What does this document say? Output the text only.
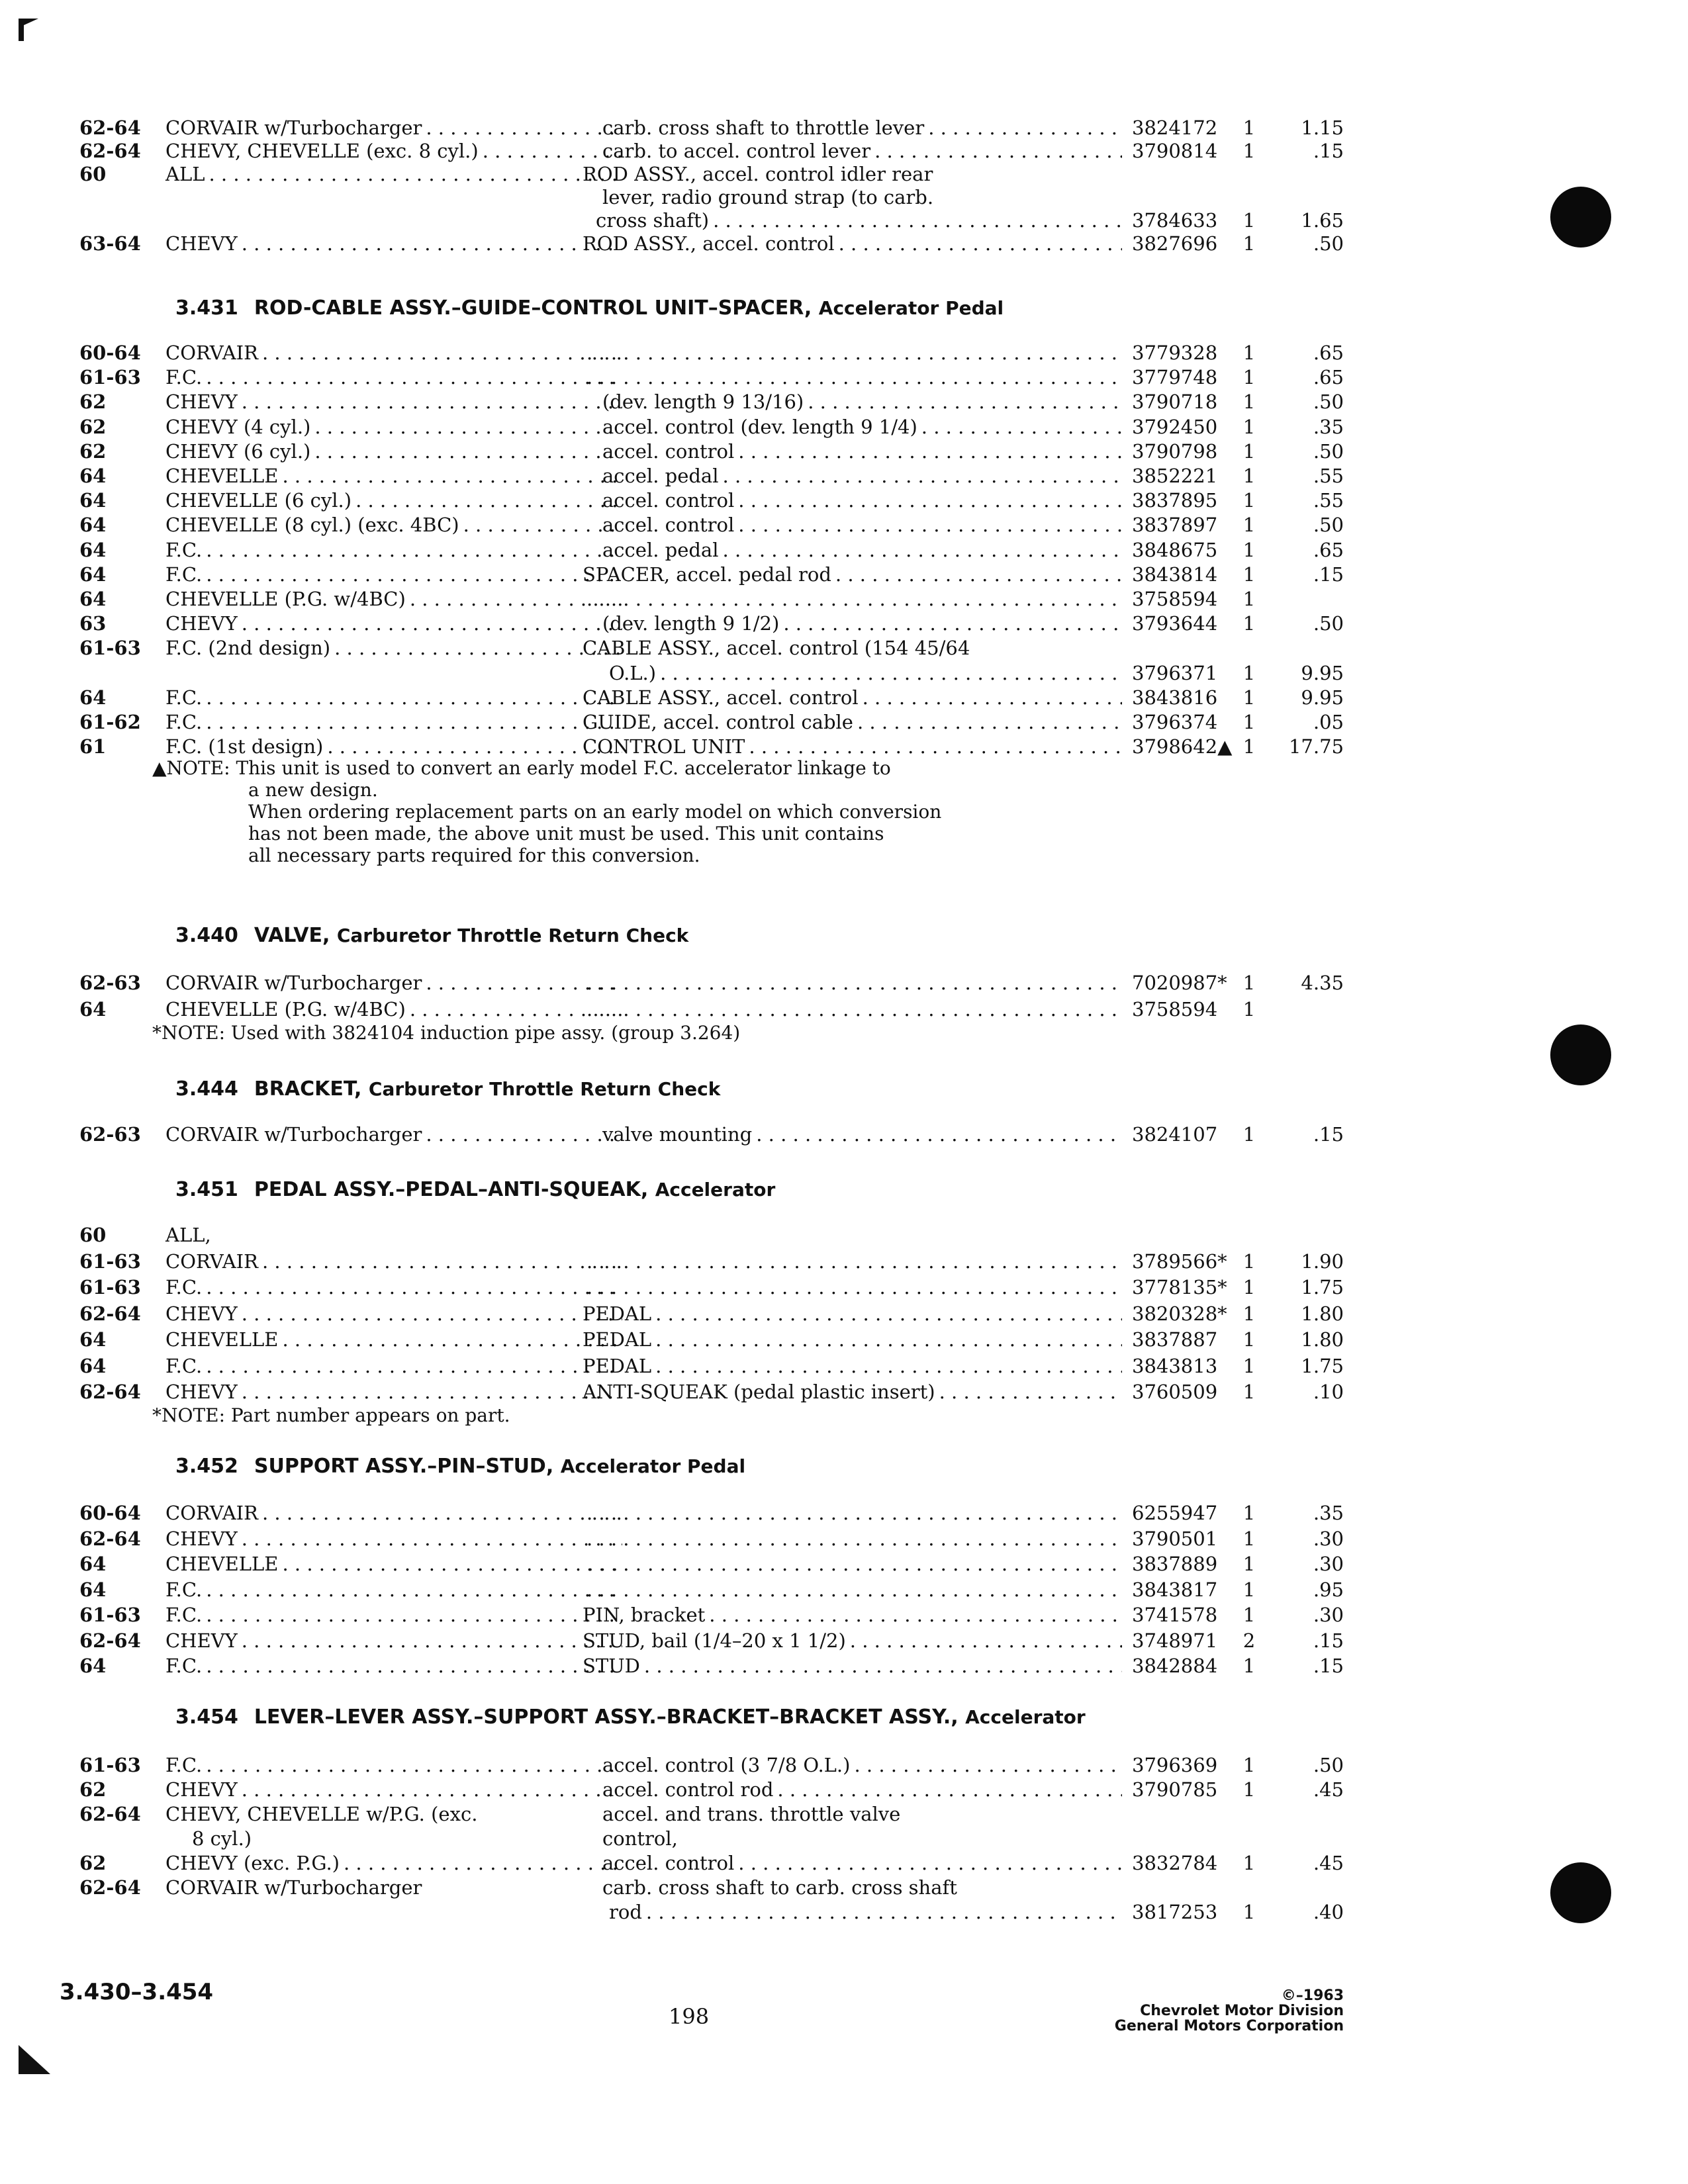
62-64 CORVAIR w/Turbocharger . . .	carb. cross shaft to throttle lever . . .	3824172	1	1.15
62-64 CHEVY, CHEVELLE (exc. 8 cyl.) . . .	carb. to accel. control lever . . .	3790814	1	.15
60	ALL . . .	ROD ASSY., accel. control idler rear
lever, radio ground strap (to carb.
cross shaft) . . .	3784633	1	1.65
63-64 CHEVY . . .	ROD ASSY., accel. control . . .	3827696	1	.50
3.431 ROD-CABLE ASSY.–GUIDE–CONTROL UNIT–SPACER, Accelerator Pedal
60-64 CORVAIR . . . . . .	3779328	1	.65
61-63 F.C. . . . . . .	3779748	1	.65
62	CHEVY . . .	(dev. length 9 13/16) . . .	3790718	1	.50
62	CHEVY (4 cyl.) . . .	accel. control (dev. length 9 1/4) . . .	3792450	1	.35
62	CHEVY (6 cyl.) . . .	accel. control . . .	3790798	1	.50
64	CHEVELLE . . .	accel. pedal . . .	3852221	1	.55
64	CHEVELLE (6 cyl.) . . .	accel. control . . .	3837895	1	.55
64	CHEVELLE (8 cyl.) (exc. 4BC) . . .	accel. control . . .	3837897	1	.50
64	F.C. . . .	accel. pedal . . .	3848675	1	.65
64	F.C. . . .	SPACER, accel. pedal rod . . .	3843814	1	.15
64	CHEVELLE (P.G. w/4BC) . . . . . .	3758594	1
63	CHEVY . . .	(dev. length 9 1/2) . . .	3793644	1	.50
61-63 F.C. (2nd design) . . .	CABLE ASSY., accel. control (154 45/64
O.L.) . . .	3796371	1	9.95
64	F.C. . . .	CABLE ASSY., accel. control . . .	3843816	1	9.95
61-62 F.C. . . .	GUIDE, accel. control cable . . .	3796374	1	.05
61	F.C. (1st design) . . .	CONTROL UNIT . . .	3798642▲ 1	17.75
▲NOTE: This unit is used to convert an early model F.C. accelerator linkage to
a new design.
When ordering replacement parts on an early model on which conversion
has not been made, the above unit must be used. This unit contains
all necessary parts required for this conversion.
3.440 VALVE, Carburetor Throttle Return Check
62-63 CORVAIR w/Turbocharger . . . . . .	7020987* 1	4.35
64	CHEVELLE (P.G. w/4BC) . . . . . .	3758594	1
*NOTE: Used with 3824104 induction pipe assy. (group 3.264)
3.444 BRACKET, Carburetor Throttle Return Check
62-63 CORVAIR w/Turbocharger . . .	valve mounting . . .	3824107	1	.15
3.451 PEDAL ASSY.–PEDAL–ANTI-SQUEAK, Accelerator
60	ALL,
61-63 CORVAIR . . . . . .	3789566* 1	1.90
61-63 F.C. . . . . . .	3778135* 1	1.75
62-64 CHEVY . . .	PEDAL . . .	3820328* 1	1.80
64	CHEVELLE . . .	PEDAL . . .	3837887	1	1.80
64	F.C. . . .	PEDAL . . .	3843813	1	1.75
62-64 CHEVY . . .	ANTI-SQUEAK (pedal plastic insert) . . .	3760509	1	.10
*NOTE: Part number appears on part.
3.452 SUPPORT ASSY.–PIN–STUD, Accelerator Pedal
60-64 CORVAIR . . . . . .	6255947	1	.35
62-64 CHEVY . . . . . .	3790501	1	.30
64	CHEVELLE . . . . . .	3837889	1	.30
64	F.C. . . . . . .	3843817	1	.95
61-63 F.C. . . .	PIN, bracket . . .	3741578	1	.30
62-64 CHEVY . . .	STUD, bail (1/4–20 x 1 1/2) . . .	3748971	2	.15
64	F.C. . . .	STUD . . .	3842884	1	.15
3.454 LEVER–LEVER ASSY.–SUPPORT ASSY.–BRACKET–BRACKET ASSY., Accelerator
61-63 F.C. . . .	accel. control (3 7/8 O.L.) . . .	3796369	1	.50
62	CHEVY . . .	accel. control rod . . .	3790785	1	.45
62-64 CHEVY, CHEVELLE w/P.G. (exc.	accel. and trans. throttle valve
8 cyl.)	control,
62	CHEVY (exc. P.G.) . . .	accel. control . . .	3832784	1	.45
62-64 CORVAIR w/Turbocharger	carb. cross shaft to carb. cross shaft
rod . . .	3817253	1	.40
3.430–3.454
198
©–1963
Chevrolet Motor Division
General Motors Corporation
